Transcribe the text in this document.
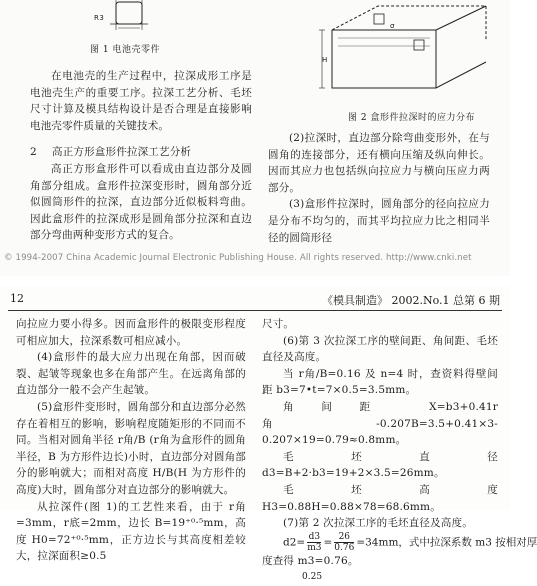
R3
图 1 电池壳零件
H
σ
图 2 盒形件拉深时的应力分布

在电池壳的生产过程中，拉深成形工序是电池壳生产的重要工序。拉深工艺分析、毛坯尺寸计算及模具结构设计是否合理是直接影响电池壳零件质量的关键技术。

2 高正方形盒形件拉深工艺分析

高正方形盒形件可以看成由直边部分及圆角部分组成。盒形件拉深变形时，圆角部分近似圆筒形件的拉深，直边部分近似板料弯曲。因此盒形件的拉深成形是圆角部分拉深和直边部分弯曲两种变形方式的复合。

(2)拉深时，直边部分除弯曲变形外，在与圆角的连接部分，还有横向压缩及纵向伸长。因而其应力也包括纵向拉应力与横向压应力两部分。

(3)盒形件拉深时，圆角部分的径向拉应力是分布不均匀的，而其平均拉应力比之相同半径的圆筒形径

© 1994-2007 China Academic Journal Electronic Publishing House. All rights reserved. http://www.cnki.net
12	《模具制造》 2002.No.1 总第 6 期

向拉应力要小得多。因而盒形件的极限变形程度可相应加大，拉深系数可相应减小。

(4)盒形件的最大应力出现在角部，因而破裂、起皱等现象也多在角部产生。在远离角部的直边部分一般不会产生起皱。

(5)盒形件变形时，圆角部分和直边部分必然存在着相互的影响，影响程度随矩形的不同而不同。当相对圆角半径 r角/B (r角为盒形件的圆角半径，B 为方形件边长)小时，直边部分对圆角部分的影响就大；而相对高度 H/B(H 为方形件的高度)大时，圆角部分对直边部分的影响就大。

从拉深件(图 1)的工艺性来看，由于 r角=3mm，r底=2mm，边长 B=19⁺⁰·⁵mm，高度 H0=72⁺⁰·⁵mm，正方边长与其高度相差较大，拉深面积≥0.5

尺寸。

(6)第 3 次拉深工序的壁间距、角间距、毛坯直径及高度。

当 r角/B=0.16 及 n=4 时，查资料得壁间距 b3=7•t=7×0.5=3.5mm。

角间距 X=b3+0.41r角-0.207B=3.5+0.41×3-0.207×19=0.79≈0.8mm。

毛坯直径 d3=B+2·b3=19+2×3.5=26mm。

毛坯高度 H3=0.88H=0.88×78=68.6mm。

(7)第 2 次拉深工序的毛坯直径及高度。

$d2= \frac{d3}{m3} = \frac{26}{0.76} =34mm$，式中拉深系数 m3 按相对厚

度查得 m3=0.76。

0.25
